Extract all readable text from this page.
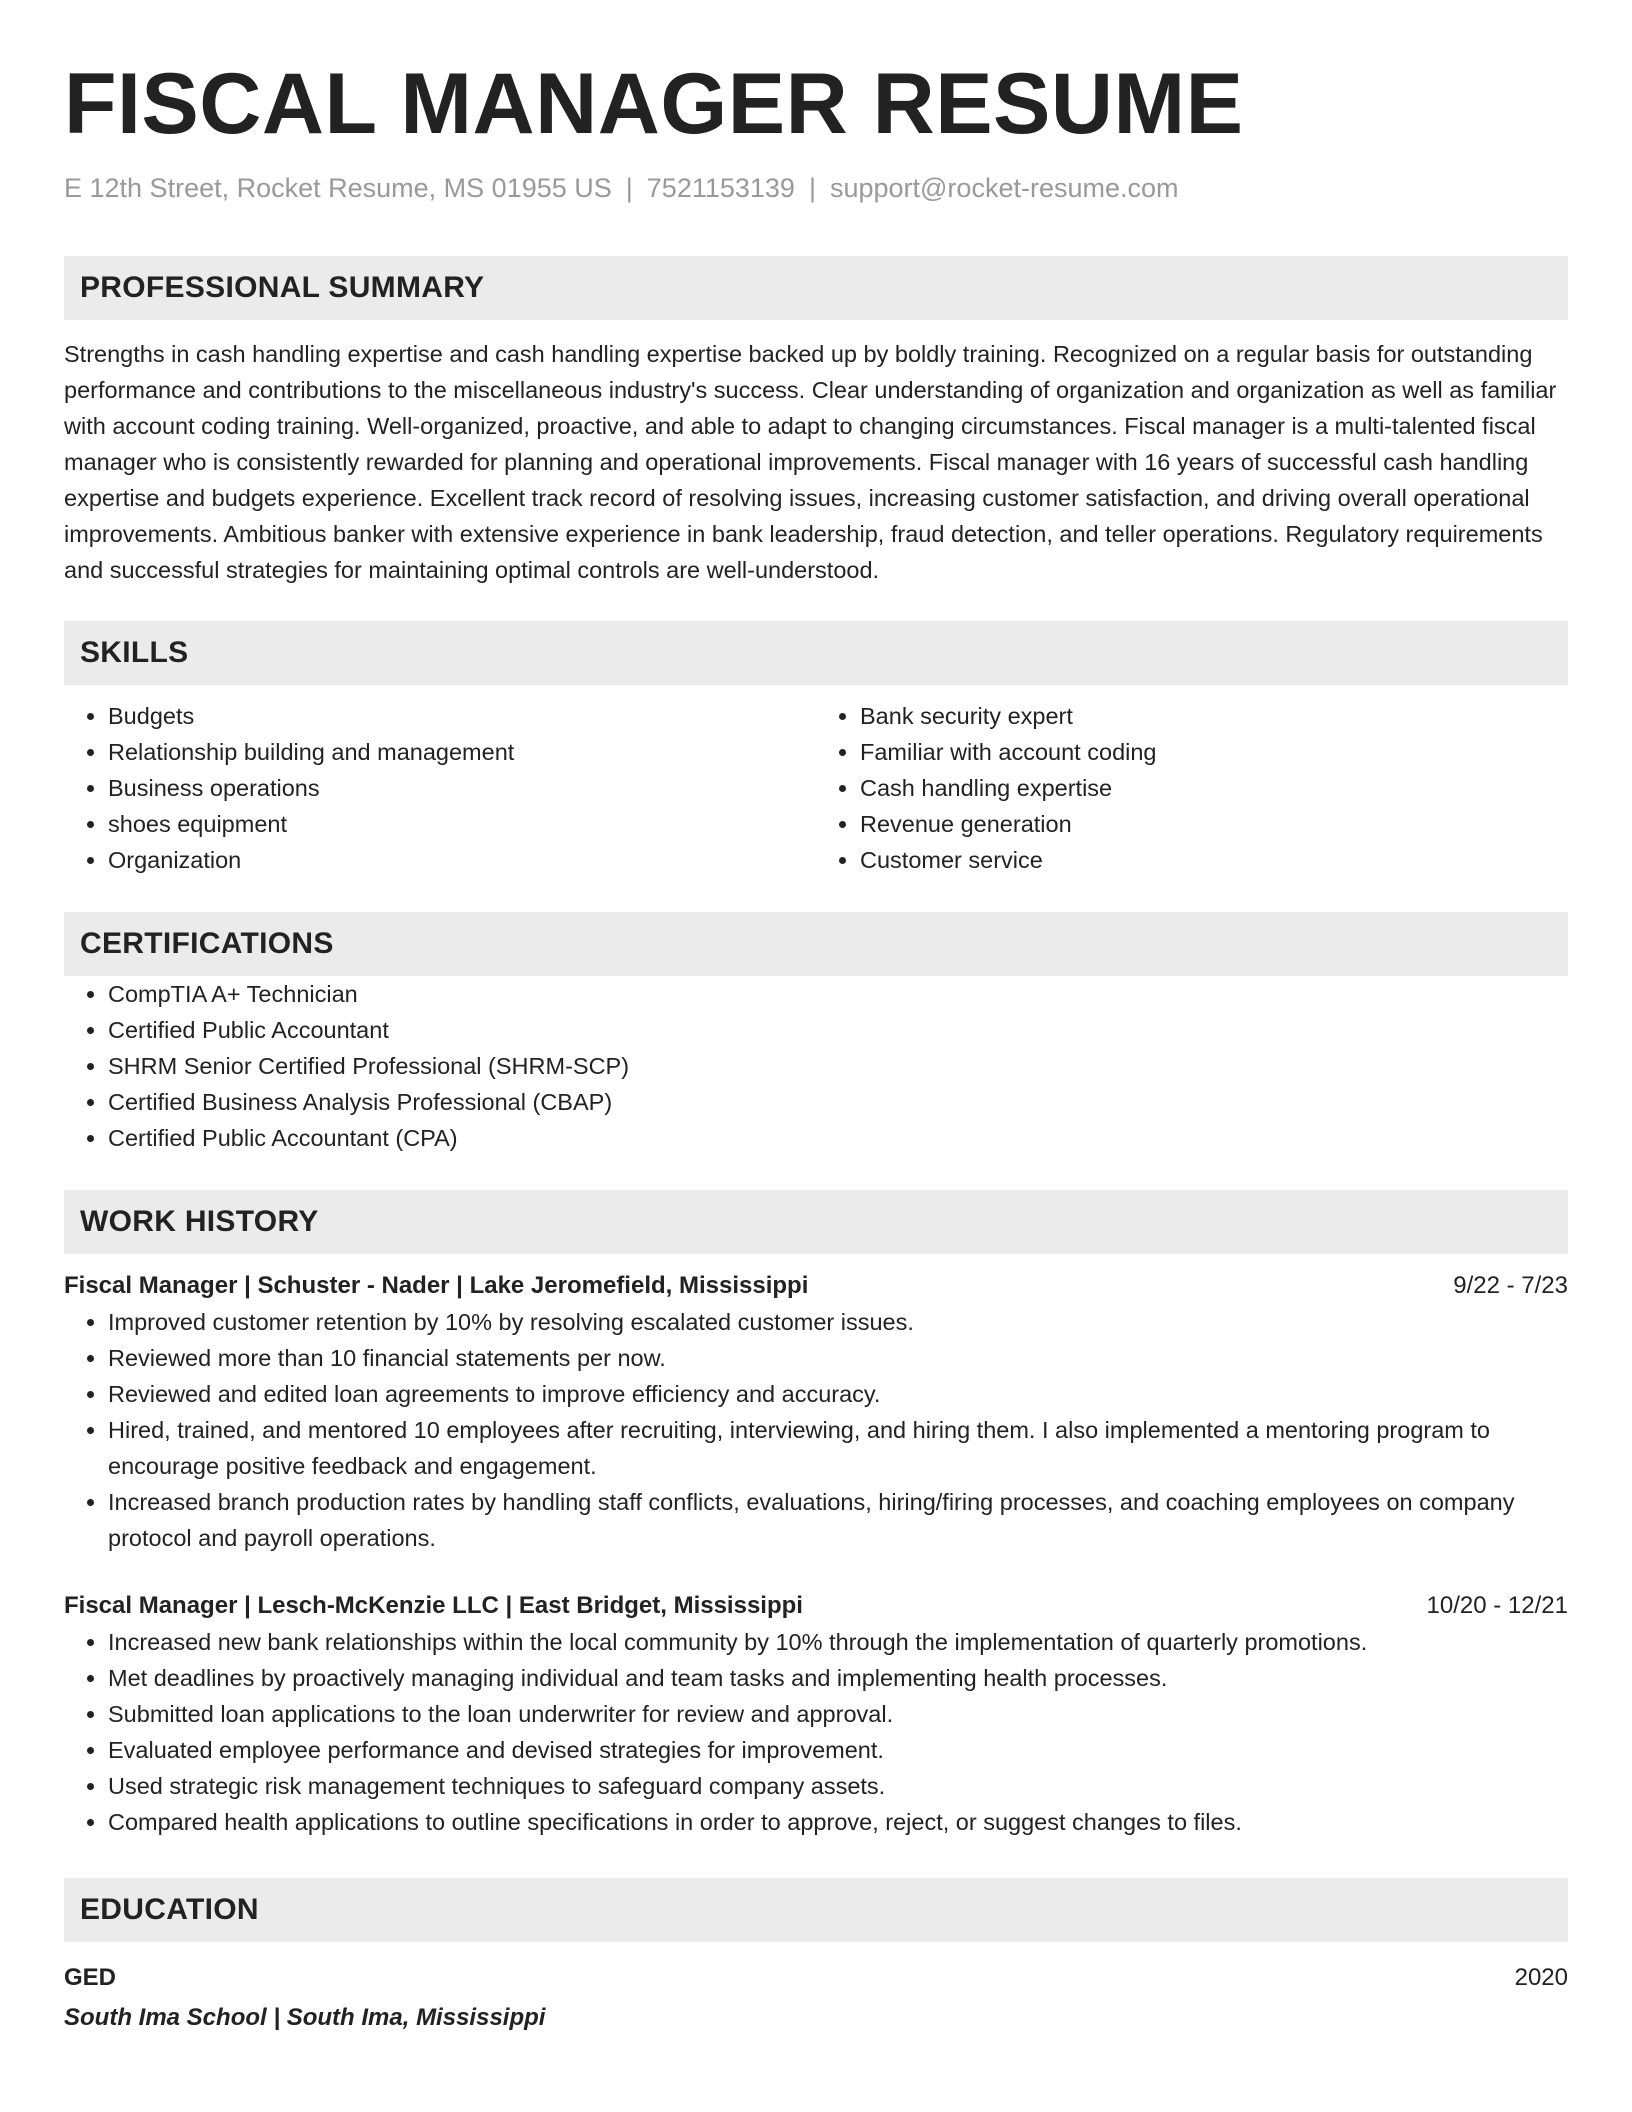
FISCAL MANAGER RESUME
E 12th Street, Rocket Resume, MS 01955 US | 7521153139 | support@rocket-resume.com
PROFESSIONAL SUMMARY

Strengths in cash handling expertise and cash handling expertise backed up by boldly training. Recognized on a regular basis for outstanding performance and contributions to the miscellaneous industry's success. Clear understanding of organization and organization as well as familiar with account coding training. Well-organized, proactive, and able to adapt to changing circumstances. Fiscal manager is a multi-talented fiscal manager who is consistently rewarded for planning and operational improvements. Fiscal manager with 16 years of successful cash handling expertise and budgets experience. Excellent track record of resolving issues, increasing customer satisfaction, and driving overall operational improvements. Ambitious banker with extensive experience in bank leadership, fraud detection, and teller operations. Regulatory requirements and successful strategies for maintaining optimal controls are well-understood.

SKILLS
• Budgets
• Relationship building and management
• Business operations
• shoes equipment
• Organization
• Bank security expert
• Familiar with account coding
• Cash handling expertise
• Revenue generation
• Customer service
CERTIFICATIONS
• CompTIA A+ Technician
• Certified Public Accountant
• SHRM Senior Certified Professional (SHRM-SCP)
• Certified Business Analysis Professional (CBAP)
• Certified Public Accountant (CPA)
WORK HISTORY
Fiscal Manager | Schuster - Nader | Lake Jeromefield, Mississippi	9/22 - 7/23
• Improved customer retention by 10% by resolving escalated customer issues.
• Reviewed more than 10 financial statements per now.
• Reviewed and edited loan agreements to improve efficiency and accuracy.
• Hired, trained, and mentored 10 employees after recruiting, interviewing, and hiring them. I also implemented a mentoring program to encourage positive feedback and engagement.
• Increased branch production rates by handling staff conflicts, evaluations, hiring/firing processes, and coaching employees on company protocol and payroll operations.
Fiscal Manager | Lesch-McKenzie LLC | East Bridget, Mississippi	10/20 - 12/21
• Increased new bank relationships within the local community by 10% through the implementation of quarterly promotions.
• Met deadlines by proactively managing individual and team tasks and implementing health processes.
• Submitted loan applications to the loan underwriter for review and approval.
• Evaluated employee performance and devised strategies for improvement.
• Used strategic risk management techniques to safeguard company assets.
• Compared health applications to outline specifications in order to approve, reject, or suggest changes to files.
EDUCATION
GED	2020
South Ima School | South Ima, Mississippi
